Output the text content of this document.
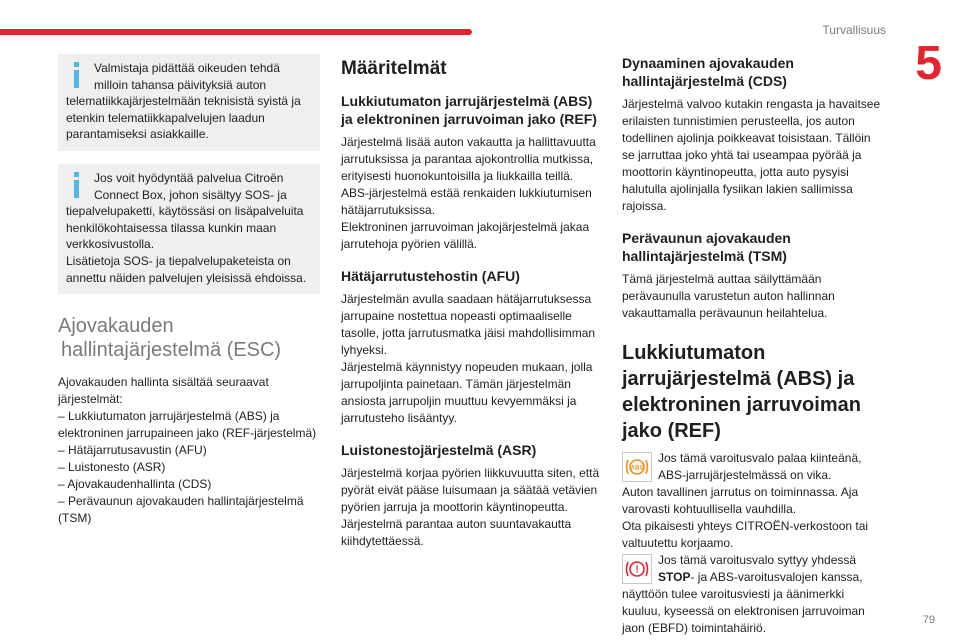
Turvallisuus
5
79
Valmistaja pidättää oikeuden tehdä milloin tahansa päivityksiä auton telematiikkajärjestelmään teknisistä syistä ja etenkin telematiikkapalvelujen laadun parantamiseksi asiakkaille.
Jos voit hyödyntää palvelua Citroën Connect Box, johon sisältyy SOS- ja tiepalvelupaketti, käytössäsi on lisäpalveluita henkilökohtaisessa tilassa kunkin maan verkkosivustolla.
Lisätietoja SOS- ja tiepalvelupaketeista on annettu näiden palvelujen yleisissä ehdoissa.
Ajovakauden
hallintajärjestelmä (ESC)

Ajovakauden hallinta sisältää seuraavat järjestelmät:

– Lukkiutumaton jarrujärjestelmä (ABS) ja elektroninen jarrupaineen jako (REF-järjestelmä)

– Hätäjarrutusavustin (AFU)

– Luistonesto (ASR)

– Ajovakaudenhallinta (CDS)

– Perävaunun ajovakauden hallintajärjestelmä (TSM)

Määritelmät
Lukkiutumaton jarrujärjestelmä (ABS) ja elektroninen jarruvoiman jako (REF)

Järjestelmä lisää auton vakautta ja hallittavuutta jarrutuksissa ja parantaa ajokontrollia mutkissa, erityisesti huonokuntoisilla ja liukkailla teillä.

ABS-järjestelmä estää renkaiden lukkiutumisen hätäjarrutuksissa.

Elektroninen jarruvoiman jakojärjestelmä jakaa jarrutehoja pyörien välillä.

Hätäjarrutustehostin (AFU)

Järjestelmän avulla saadaan hätäjarrutuksessa jarrupaine nostettua nopeasti optimaaliselle tasolle, jotta jarrutusmatka jäisi mahdollisimman lyhyeksi.

Järjestelmä käynnistyy nopeuden mukaan, jolla jarrupoljinta painetaan. Tämän järjestelmän ansiosta jarrupoljin muuttuu kevyemmäksi ja jarrutusteho lisääntyy.

Luistonestojärjestelmä (ASR)

Järjestelmä korjaa pyörien liikkuvuutta siten, että pyörät eivät pääse luisumaan ja säätää vetävien pyörien jarruja ja moottorin käyntinopeutta.

Järjestelmä parantaa auton suuntavakautta kiihdytettäessä.

Dynaaminen ajovakauden hallintajärjestelmä (CDS)

Järjestelmä valvoo kutakin rengasta ja havaitsee erilaisten tunnistimien perusteella, jos auton todellinen ajolinja poikkeavat toisistaan. Tällöin se jarruttaa joko yhtä tai useampaa pyörää ja moottorin käyntinopeutta, jotta auto pysyisi halutulla ajolinjalla fysiikan lakien sallimissa rajoissa.

Perävaunun ajovakauden hallintajärjestelmä (TSM)

Tämä järjestelmä auttaa säilyttämään perävaunulla varustetun auton hallinnan vakauttamalla perävaunun heilahtelua.

Lukkiutumaton jarrujärjestelmä (ABS) ja elektroninen jarruvoiman jako (REF)
ABS

Jos tämä varoitusvalo palaa kiinteänä, ABS-jarrujärjestelmässä on vika.

Auton tavallinen jarrutus on toiminnassa. Aja varovasti kohtuullisella vauhdilla.

Ota pikaisesti yhteys CITROËN-verkostoon tai valtuutettu korjaamo.

!

Jos tämä varoitusvalo syttyy yhdessä STOP- ja ABS-varoitusvalojen kanssa, näyttöön tulee varoitusviesti ja äänimerkki kuuluu, kyseessä on elektronisen jarruvoiman jaon (EBFD) toimintahäiriö.
